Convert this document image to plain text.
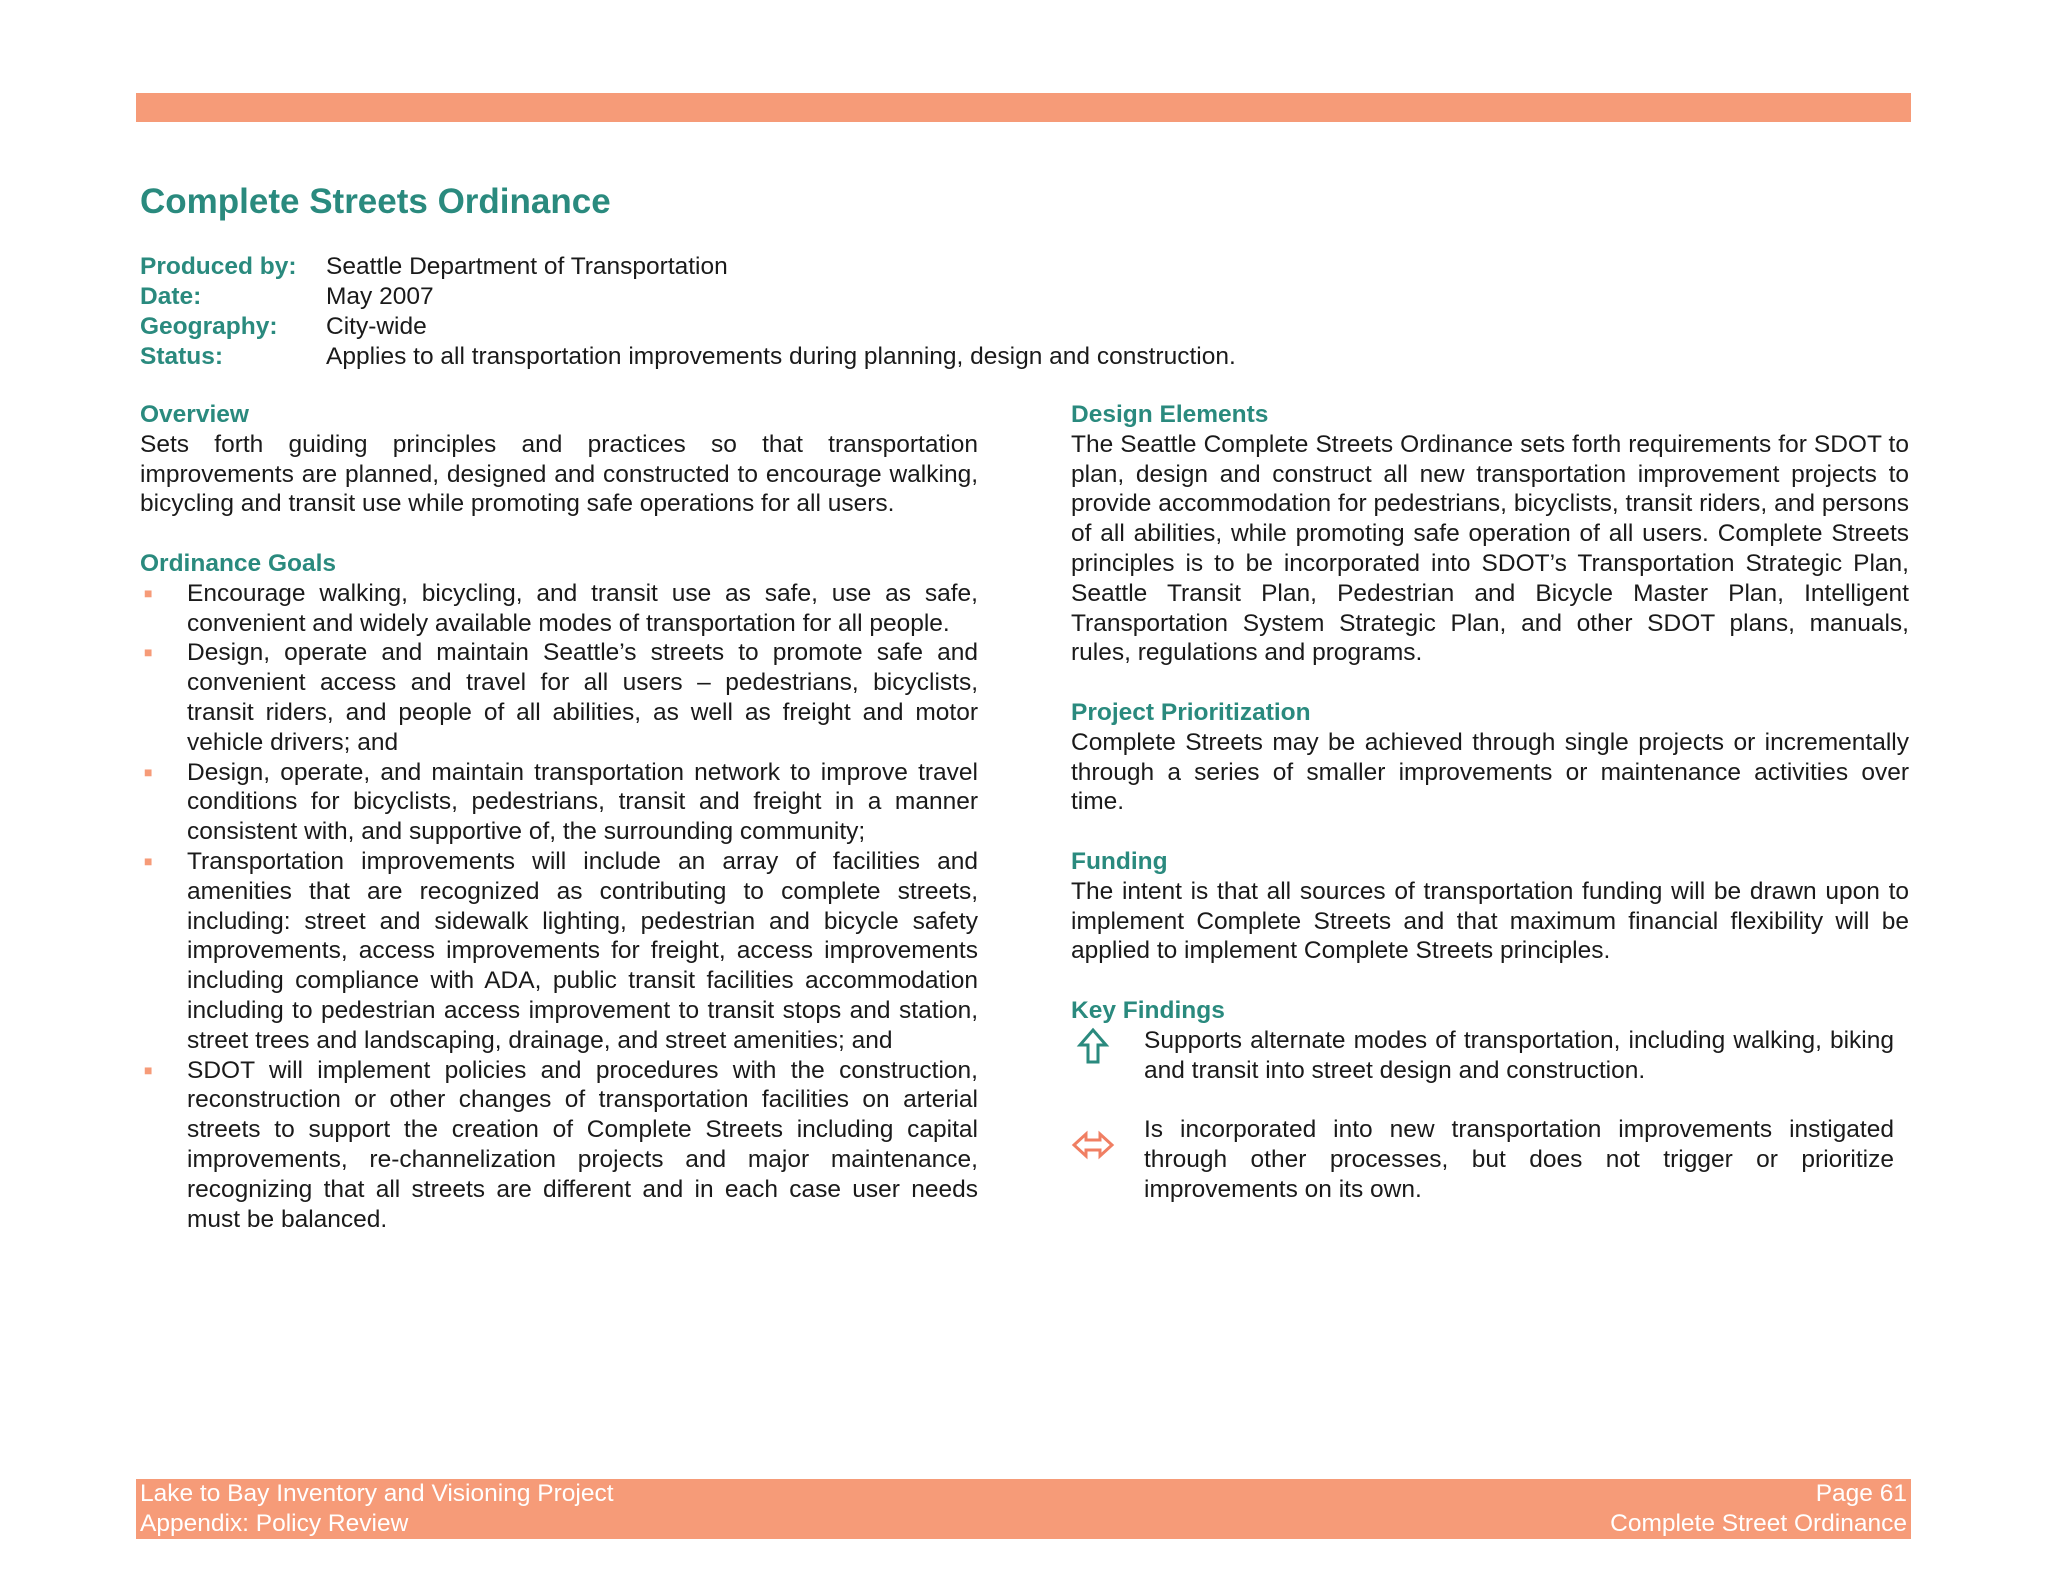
Complete Streets Ordinance
Produced by:	Seattle Department of Transportation
Date:	May 2007
Geography:	City-wide
Status:	Applies to all transportation improvements during planning, design and construction.
Overview
Sets forth guiding principles and practices so that transportation improvements are planned, designed and constructed to encourage walking, bicycling and transit use while promoting safe operations for all users.
Ordinance Goals
■ Encourage walking, bicycling, and transit use as safe, use as safe, convenient and widely available modes of transportation for all people.
■ Design, operate and maintain Seattle’s streets to promote safe and convenient access and travel for all users – pedestrians, bicyclists, transit riders, and people of all abilities, as well as freight and motor vehicle drivers; and
■ Design, operate, and maintain transportation network to improve travel conditions for bicyclists, pedestrians, transit and freight in a manner consistent with, and supportive of, the surrounding community;
■ Transportation improvements will include an array of facilities and amenities that are recognized as contributing to complete streets, including: street and sidewalk lighting, pedestrian and bicycle safety improvements, access improvements for freight, access improvements including compliance with ADA, public transit facilities accommodation including to pedestrian access improvement to transit stops and station, street trees and landscaping, drainage, and street amenities; and
■ SDOT will implement policies and procedures with the construction, reconstruction or other changes of transportation facilities on arterial streets to support the creation of Complete Streets including capital improvements, re-channelization projects and major maintenance, recognizing that all streets are different and in each case user needs must be balanced.
Design Elements
The Seattle Complete Streets Ordinance sets forth requirements for SDOT to plan, design and construct all new transportation improvement projects to provide accommodation for pedestrians, bicyclists, transit riders, and persons of all abilities, while promoting safe operation of all users. Complete Streets principles is to be incorporated into SDOT’s Transportation Strategic Plan, Seattle Transit Plan, Pedestrian and Bicycle Master Plan, Intelligent Transportation System Strategic Plan, and other SDOT plans, manuals, rules, regulations and programs.
Project Prioritization
Complete Streets may be achieved through single projects or incrementally through a series of smaller improvements or maintenance activities over time.
Funding
The intent is that all sources of transportation funding will be drawn upon to implement Complete Streets and that maximum financial flexibility will be applied to implement Complete Streets principles.
Key Findings
Supports alternate modes of transportation, including walking, biking and transit into street design and construction.
Is incorporated into new transportation improvements instigated through other processes, but does not trigger or prioritize improvements on its own.
Lake to Bay Inventory and Visioning Project
Appendix: Policy Review
Page 61
Complete Street Ordinance
